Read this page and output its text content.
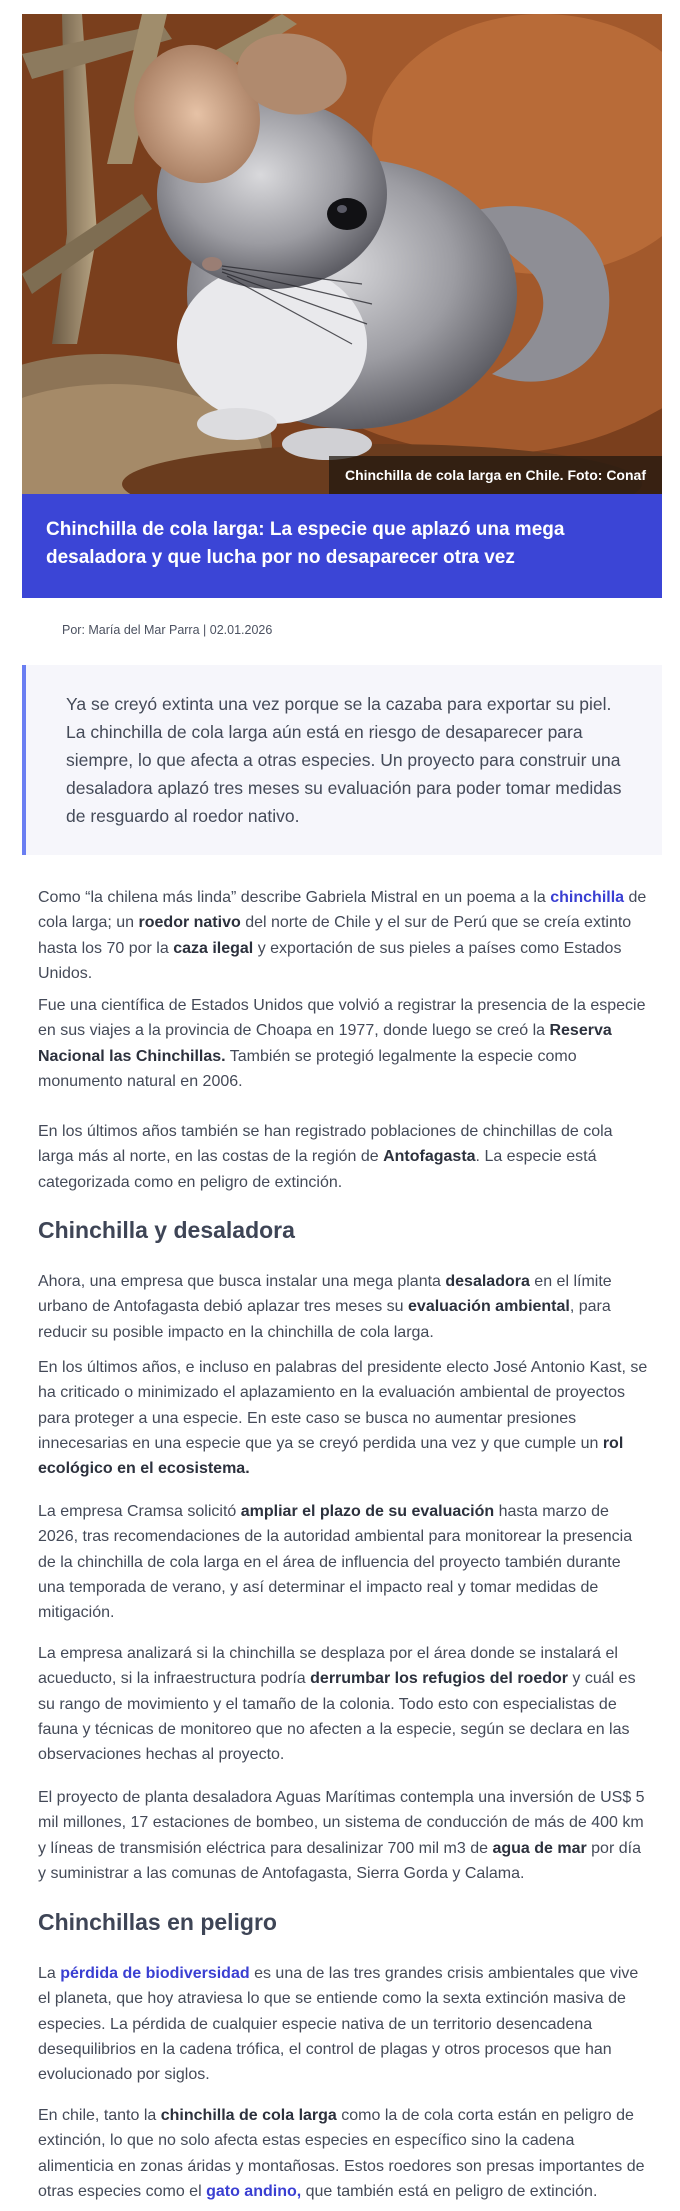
Chinchilla de cola larga en Chile. Foto: Conaf
Chinchilla de cola larga: La especie que aplazó una mega desaladora y que lucha por no desaparecer otra vez
Por: María del Mar Parra | 02.01.2026

Ya se creyó extinta una vez porque se la cazaba para exportar su piel. La chinchilla de cola larga aún está en riesgo de desaparecer para siempre, lo que afecta a otras especies. Un proyecto para construir una desaladora aplazó tres meses su evaluación para poder tomar medidas de resguardo al roedor nativo.

Como “la chilena más linda” describe Gabriela Mistral en un poema a la chinchilla de cola larga; un roedor nativo del norte de Chile y el sur de Perú que se creía extinto hasta los 70 por la caza ilegal y exportación de sus pieles a países como Estados Unidos.

Fue una científica de Estados Unidos que volvió a registrar la presencia de la especie en sus viajes a la provincia de Choapa en 1977, donde luego se creó la Reserva Nacional las Chinchillas. También se protegió legalmente la especie como monumento natural en 2006.

En los últimos años también se han registrado poblaciones de chinchillas de cola larga más al norte, en las costas de la región de Antofagasta. La especie está categorizada como en peligro de extinción.

Chinchilla y desaladora

Ahora, una empresa que busca instalar una mega planta desaladora en el límite urbano de Antofagasta debió aplazar tres meses su evaluación ambiental, para reducir su posible impacto en la chinchilla de cola larga.

En los últimos años, e incluso en palabras del presidente electo José Antonio Kast, se ha criticado o minimizado el aplazamiento en la evaluación ambiental de proyectos para proteger a una especie. En este caso se busca no aumentar presiones innecesarias en una especie que ya se creyó perdida una vez y que cumple un rol ecológico en el ecosistema.

La empresa Cramsa solicitó ampliar el plazo de su evaluación hasta marzo de 2026, tras recomendaciones de la autoridad ambiental para monitorear la presencia de la chinchilla de cola larga en el área de influencia del proyecto también durante una temporada de verano, y así determinar el impacto real y tomar medidas de mitigación.

La empresa analizará si la chinchilla se desplaza por el área donde se instalará el acueducto, si la infraestructura podría derrumbar los refugios del roedor y cuál es su rango de movimiento y el tamaño de la colonia. Todo esto con especialistas de fauna y técnicas de monitoreo que no afecten a la especie, según se declara en las observaciones hechas al proyecto.

El proyecto de planta desaladora Aguas Marítimas contempla una inversión de US$ 5 mil millones, 17 estaciones de bombeo, un sistema de conducción de más de 400 km y líneas de transmisión eléctrica para desalinizar 700 mil m3 de agua de mar por día y suministrar a las comunas de Antofagasta, Sierra Gorda y Calama.

Chinchillas en peligro

La pérdida de biodiversidad es una de las tres grandes crisis ambientales que vive el planeta, que hoy atraviesa lo que se entiende como la sexta extinción masiva de especies. La pérdida de cualquier especie nativa de un territorio desencadena desequilibrios en la cadena trófica, el control de plagas y otros procesos que han evolucionado por siglos.

En chile, tanto la chinchilla de cola larga como la de cola corta están en peligro de extinción, lo que no solo afecta estas especies en específico sino la cadena alimenticia en zonas áridas y montañosas. Estos roedores son presas importantes de otras especies como el gato andino, que también está en peligro de extinción.
